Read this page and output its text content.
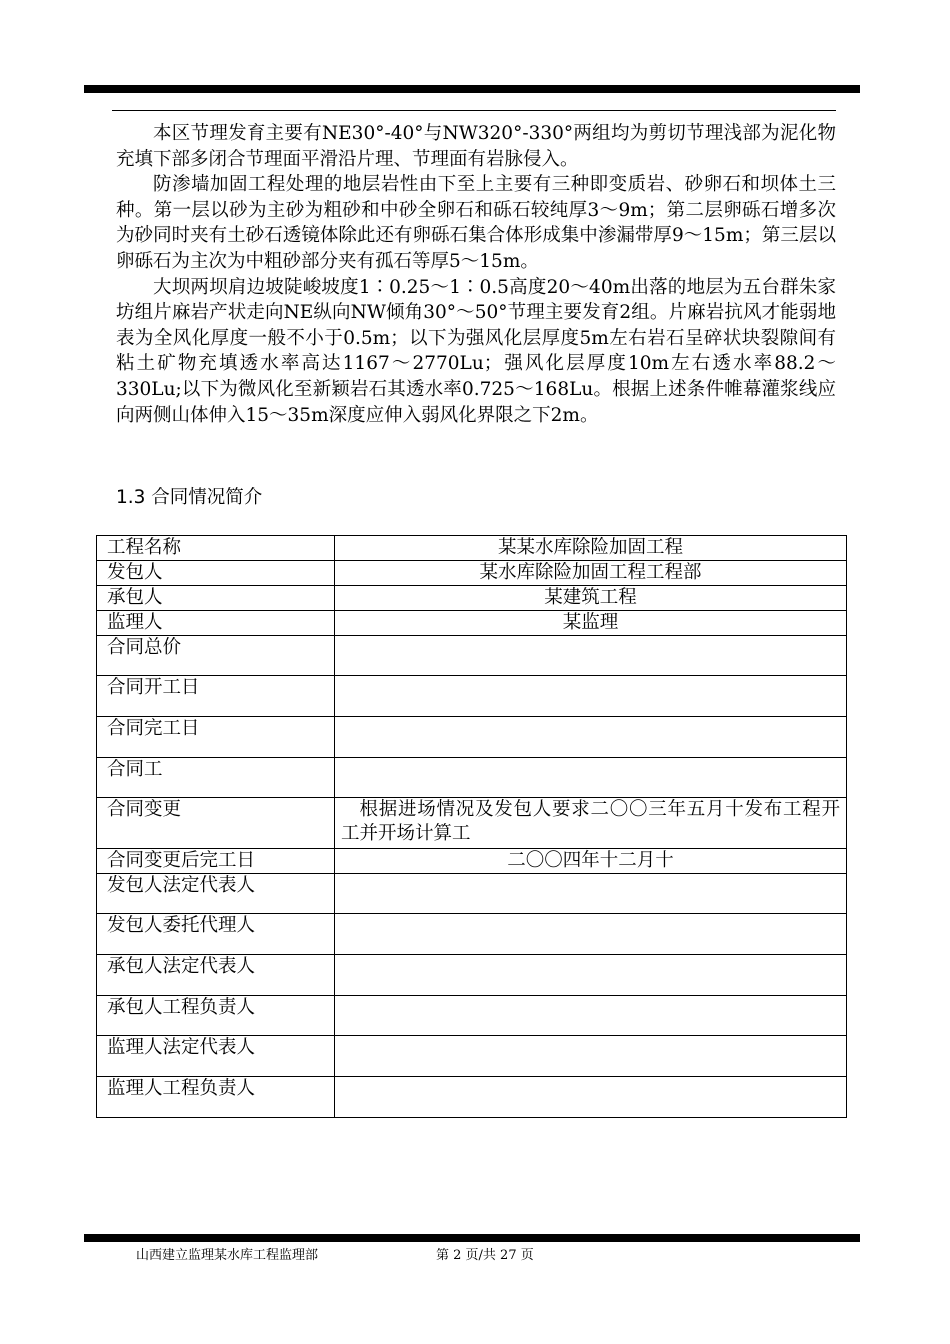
本区节理发育主要有NE30°-40°与NW320°-330°两组均为剪切节理浅部为泥化物充填下部多闭合节理面平滑沿片理、节理面有岩脉侵入。

防渗墙加固工程处理的地层岩性由下至上主要有三种即变质岩、砂卵石和坝体土三种。第一层以砂为主砂为粗砂和中砂全卵石和砾石较纯厚3～9m；第二层卵砾石增多次为砂同时夹有土砂石透镜体除此还有卵砾石集合体形成集中渗漏带厚9～15m；第三层以卵砾石为主次为中粗砂部分夹有孤石等厚5～15m。

大坝两坝肩边坡陡峻坡度1∶0.25～1∶0.5高度20～40m出落的地层为五台群朱家坊组片麻岩产状走向NE纵向NW倾角30°～50°节理主要发育2组。片麻岩抗风才能弱地表为全风化厚度一般不小于0.5m；以下为强风化层厚度5m左右岩石呈碎状块裂隙间有粘土矿物充填透水率高达1167～2770Lu；强风化层厚度10m左右透水率88.2～330Lu;以下为微风化至新颖岩石其透水率0.725～168Lu。根据上述条件帷幕灌浆线应向两侧山体伸入15～35m深度应伸入弱风化界限之下2m。

1.3 合同情况简介
工程名称	某某水库除险加固工程
发包人	某水库除险加固工程工程部
承包人	某建筑工程
监理人	某监理
合同总价	
合同开工日	
合同完工日	
合同工	
合同变更	根据进场情况及发包人要求二〇〇三年五月十发布工程开工并开场计算工
合同变更后完工日	二〇〇四年十二月十
发包人法定代表人	
发包人委托代理人	
承包人法定代表人	
承包人工程负责人	
监理人法定代表人	
监理人工程负责人	
山西建立监理某水库工程监理部	第 2 页/共 27 页
